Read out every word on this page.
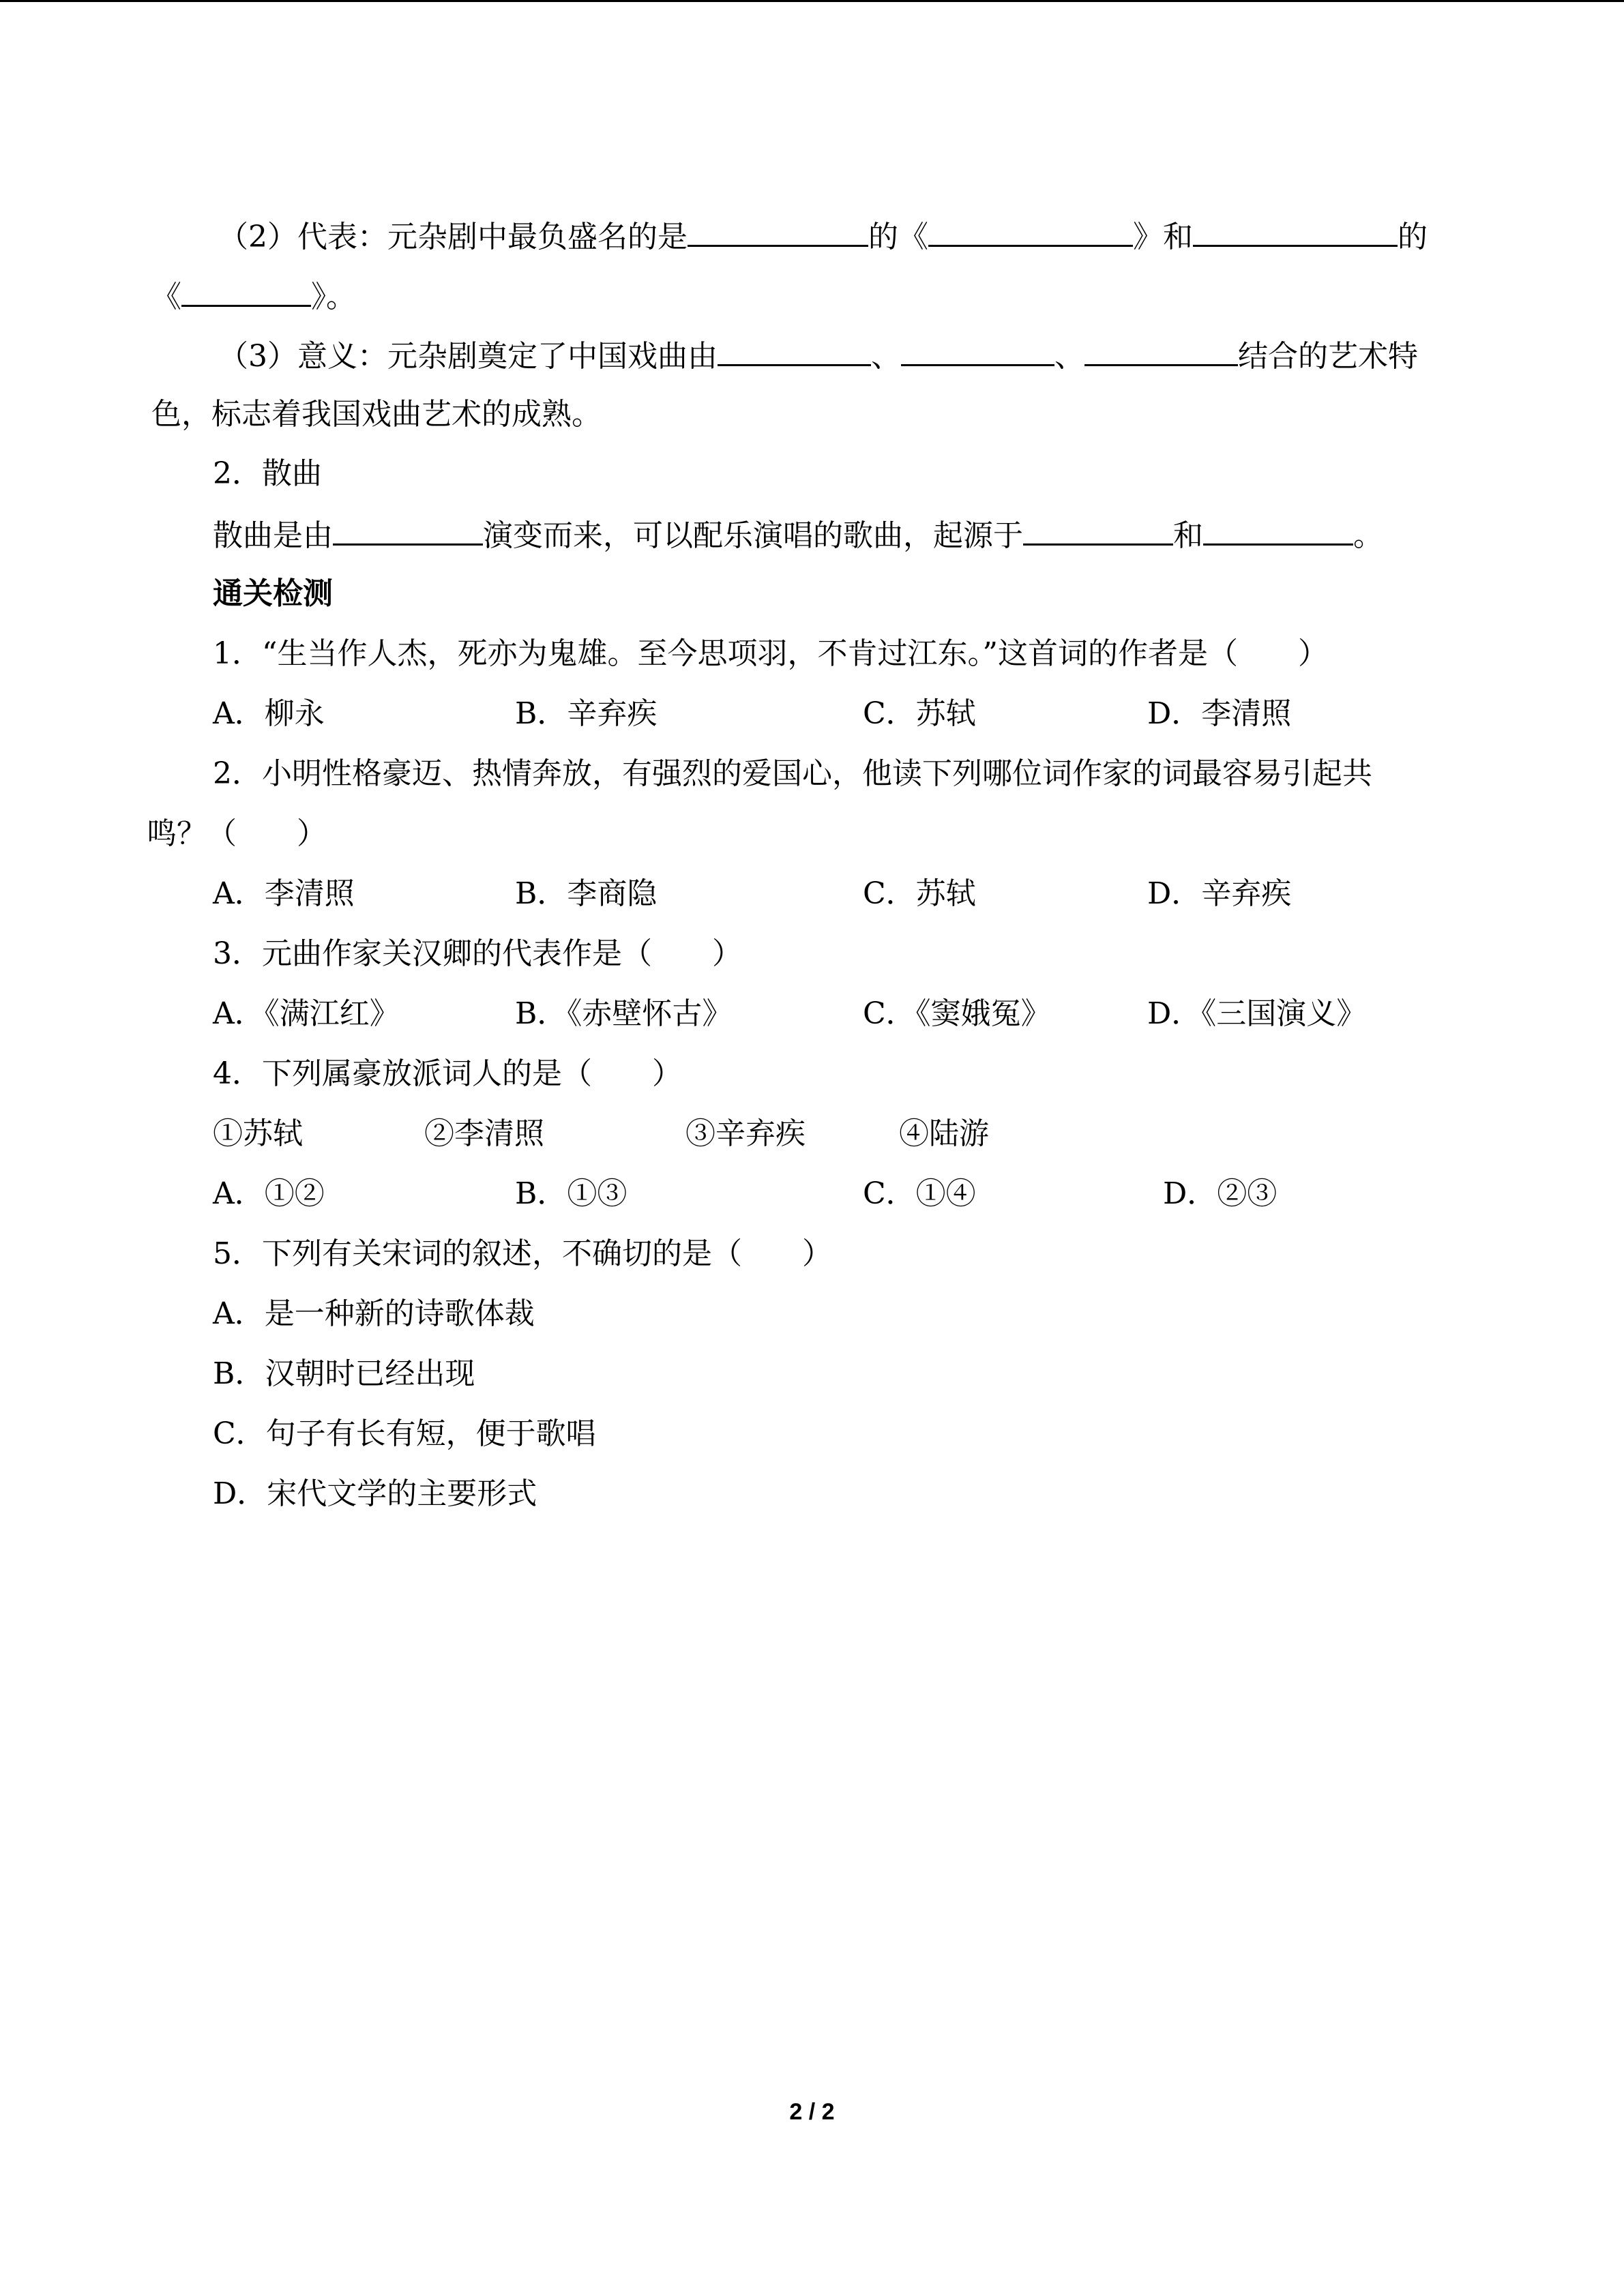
（2）代表：元杂剧中最负盛名的是	的《	》和	的
《	》。
（3）意义：元杂剧奠定了中国戏曲由	、	、	结合的艺术特
色，标志着我国戏曲艺术的成熟。
2．散曲
散曲是由	演变而来，可以配乐演唱的歌曲，起源于	和	。
通关检测
1．“生当作人杰，死亦为鬼雄。至今思项羽，不肯过江东。”这首词的作者是（　　）
A．柳永	B．辛弃疾	C．苏轼	D．李清照
2．小明性格豪迈、热情奔放，有强烈的爱国心，他读下列哪位词作家的词最容易引起共
鸣？（　　）
A．李清照	B．李商隐	C．苏轼	D．辛弃疾
3．元曲作家关汉卿的代表作是（　　）
A．《满江红》	B．《赤壁怀古》	C．《窦娥冤》	D．《三国演义》
4．下列属豪放派词人的是（　　）
①苏轼	②李清照	③辛弃疾	④陆游
A．①②	B．①③	C．①④	D．②③
5．下列有关宋词的叙述，不确切的是（　　）
A．是一种新的诗歌体裁
B．汉朝时已经出现
C．句子有长有短，便于歌唱
D．宋代文学的主要形式
2 / 2
